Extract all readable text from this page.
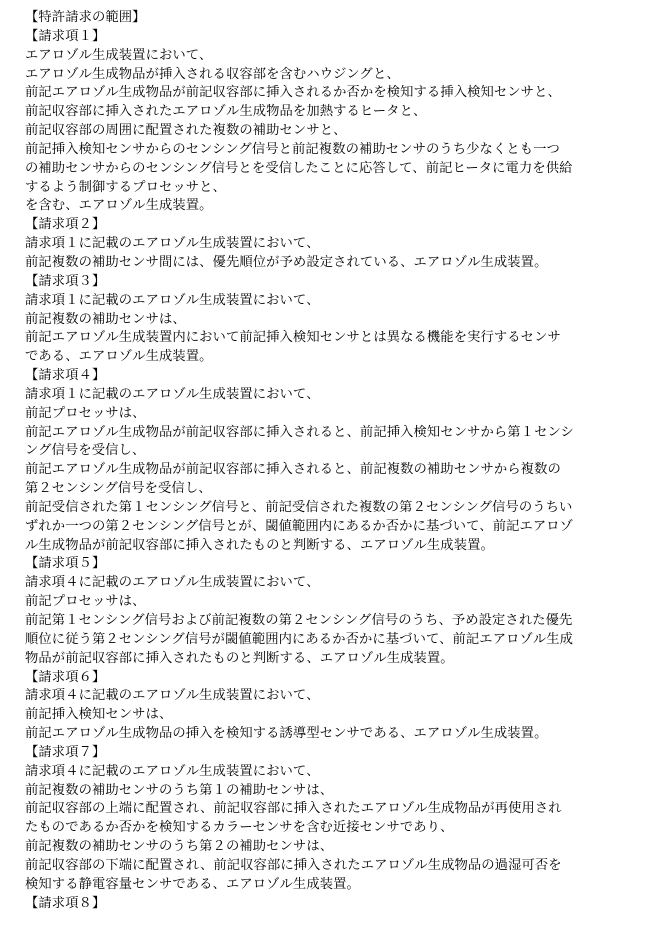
【特許請求の範囲】
【請求項１】
エアロゾル生成装置において、
エアロゾル生成物品が挿入される収容部を含むハウジングと、
前記エアロゾル生成物品が前記収容部に挿入されるか否かを検知する挿入検知センサと、
前記収容部に挿入されたエアロゾル生成物品を加熱するヒータと、
前記収容部の周囲に配置された複数の補助センサと、
前記挿入検知センサからのセンシング信号と前記複数の補助センサのうち少なくとも一つ
の補助センサからのセンシング信号とを受信したことに応答して、前記ヒータに電力を供給
するよう制御するプロセッサと、
を含む、エアロゾル生成装置。
【請求項２】
請求項１に記載のエアロゾル生成装置において、
前記複数の補助センサ間には、優先順位が予め設定されている、エアロゾル生成装置。
【請求項３】
請求項１に記載のエアロゾル生成装置において、
前記複数の補助センサは、
前記エアロゾル生成装置内において前記挿入検知センサとは異なる機能を実行するセンサ
である、エアロゾル生成装置。
【請求項４】
請求項１に記載のエアロゾル生成装置において、
前記プロセッサは、
前記エアロゾル生成物品が前記収容部に挿入されると、前記挿入検知センサから第１センシ
ング信号を受信し、
前記エアロゾル生成物品が前記収容部に挿入されると、前記複数の補助センサから複数の
第２センシング信号を受信し、
前記受信された第１センシング信号と、前記受信された複数の第２センシング信号のうちい
ずれか一つの第２センシング信号とが、閾値範囲内にあるか否かに基づいて、前記エアロゾ
ル生成物品が前記収容部に挿入されたものと判断する、エアロゾル生成装置。
【請求項５】
請求項４に記載のエアロゾル生成装置において、
前記プロセッサは、
前記第１センシング信号および前記複数の第２センシング信号のうち、予め設定された優先
順位に従う第２センシング信号が閾値範囲内にあるか否かに基づいて、前記エアロゾル生成
物品が前記収容部に挿入されたものと判断する、エアロゾル生成装置。
【請求項６】
請求項４に記載のエアロゾル生成装置において、
前記挿入検知センサは、
前記エアロゾル生成物品の挿入を検知する誘導型センサである、エアロゾル生成装置。
【請求項７】
請求項４に記載のエアロゾル生成装置において、
前記複数の補助センサのうち第１の補助センサは、
前記収容部の上端に配置され、前記収容部に挿入されたエアロゾル生成物品が再使用され
たものであるか否かを検知するカラーセンサを含む近接センサであり、
前記複数の補助センサのうち第２の補助センサは、
前記収容部の下端に配置され、前記収容部に挿入されたエアロゾル生成物品の過湿可否を
検知する静電容量センサである、エアロゾル生成装置。
【請求項８】
